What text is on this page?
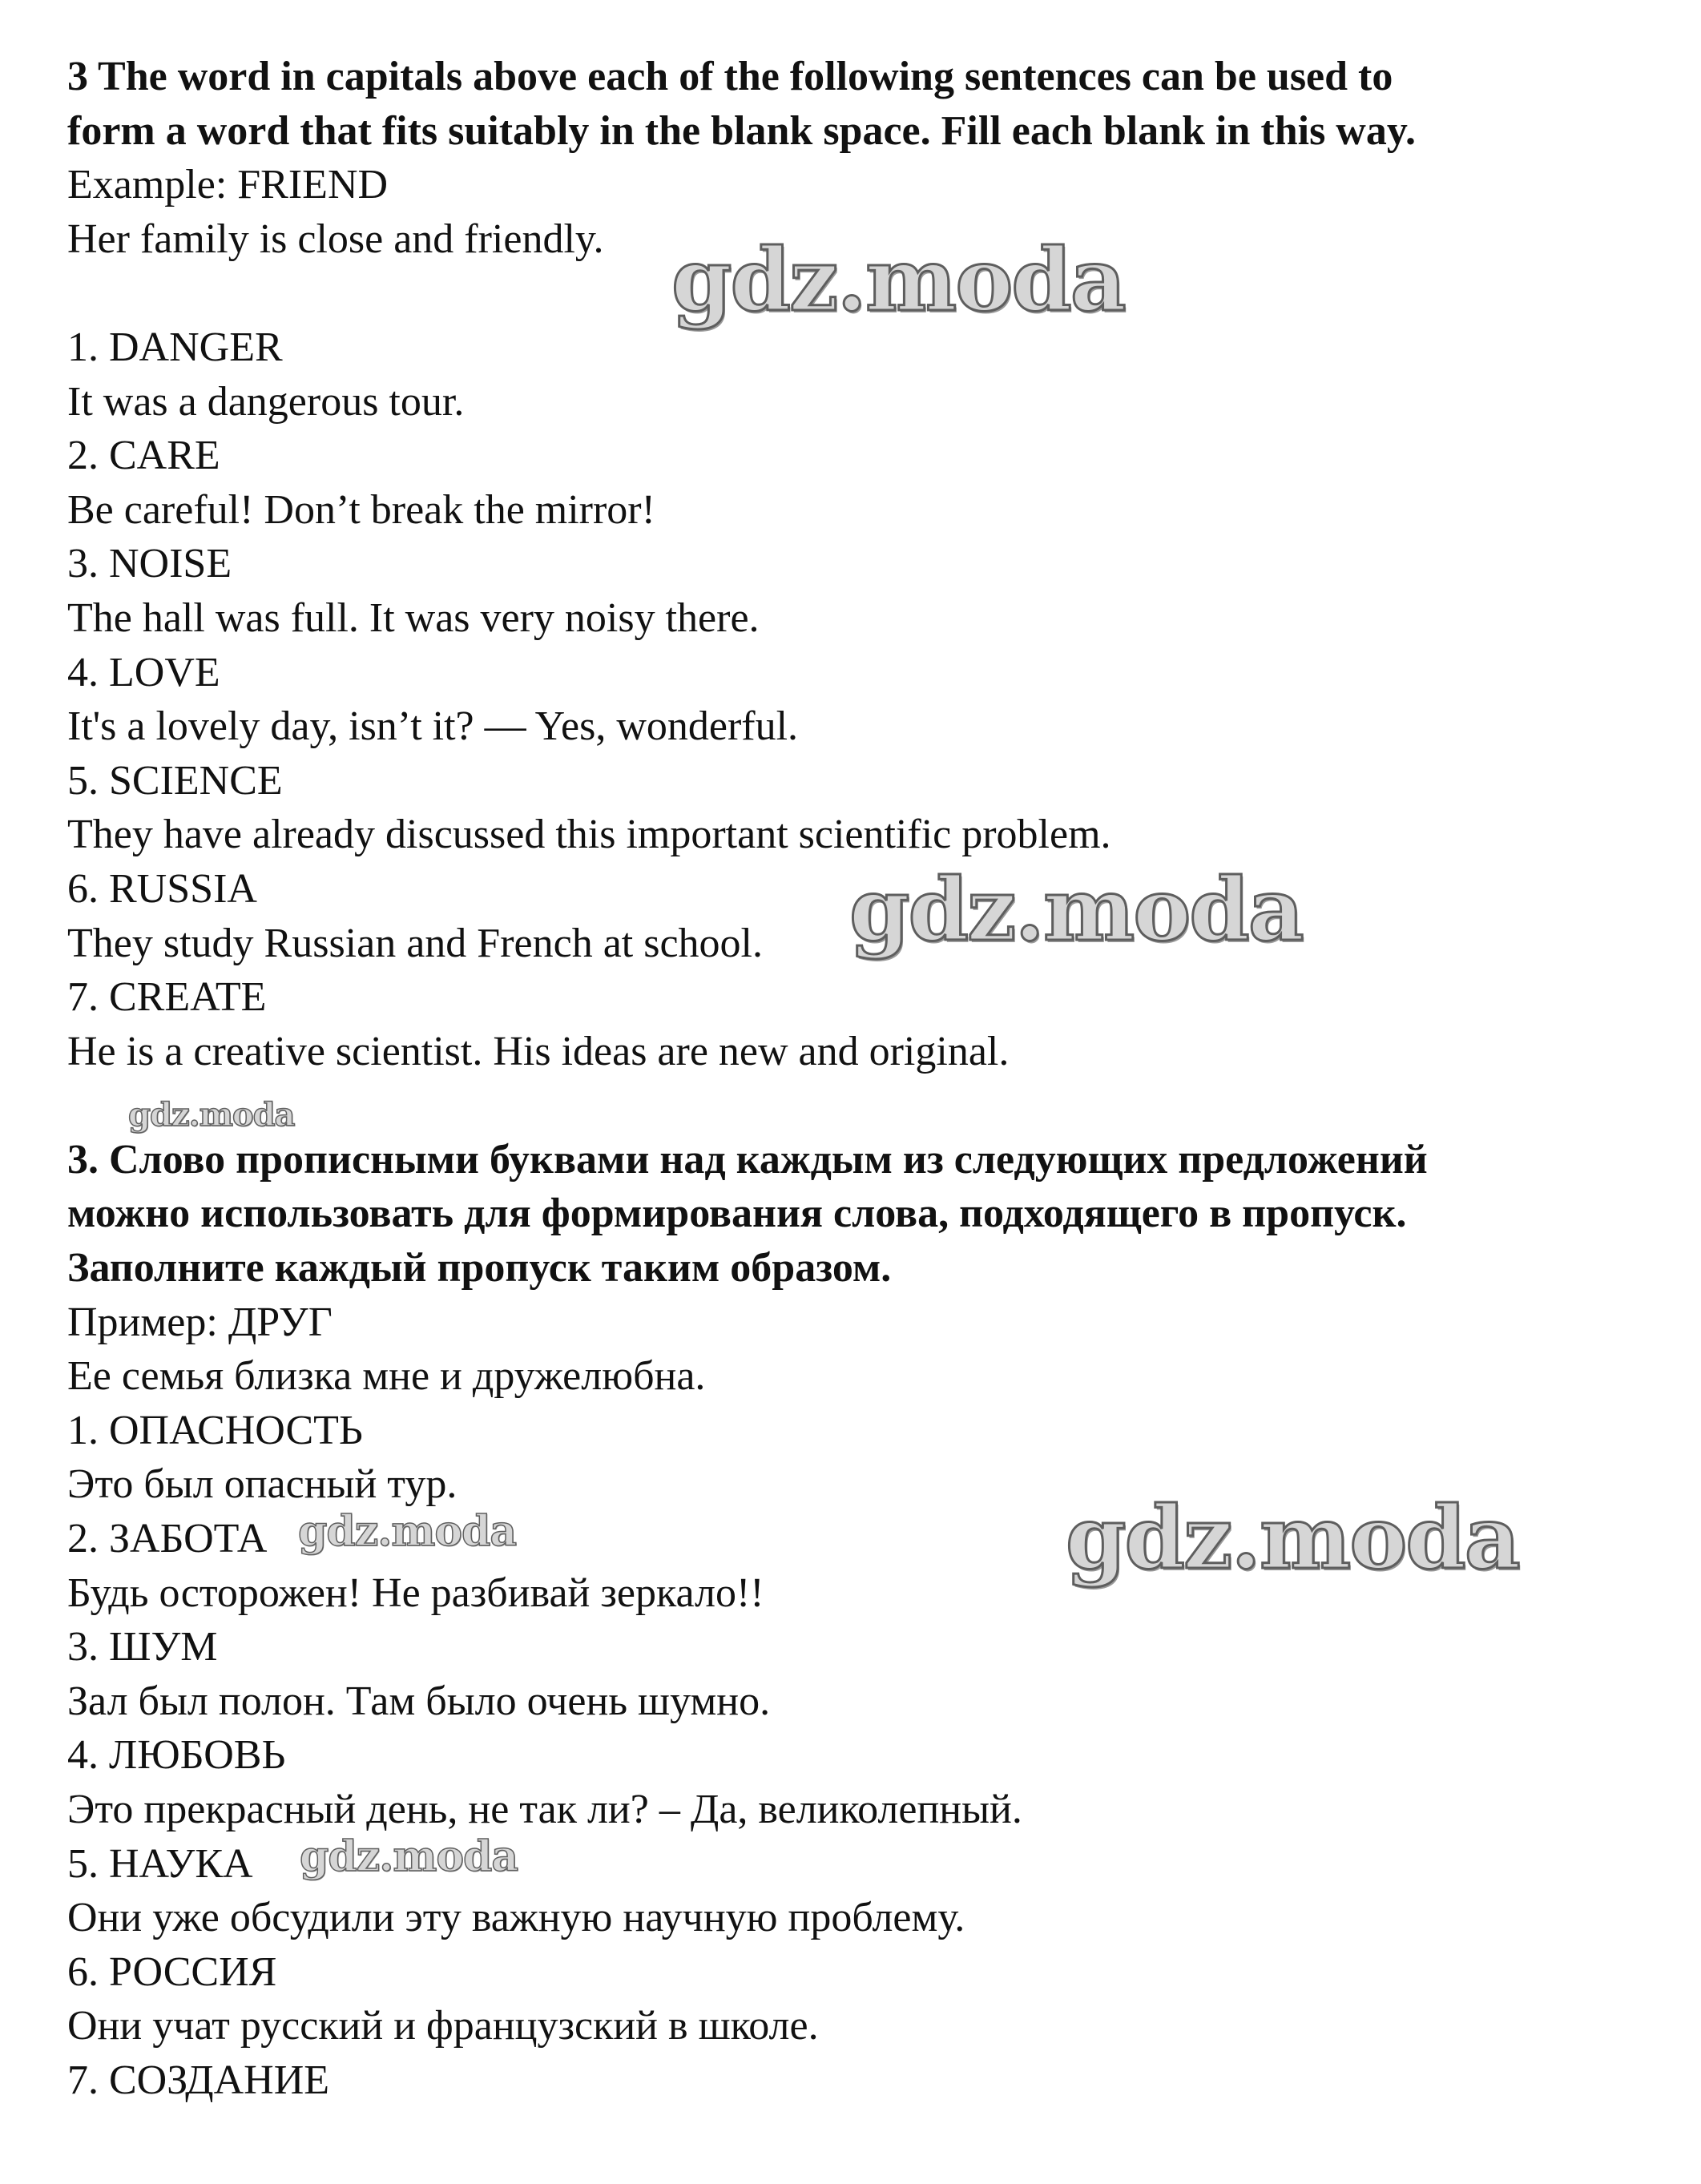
3 The word in capitals above each of the following sentences can be used to

form a word that fits suitably in the blank space. Fill each blank in this way.

Example: FRIEND

Her family is close and friendly.

1. DANGER

It was a dangerous tour.

2. CARE

Be careful! Don’t break the mirror!

3. NOISE

The hall was full. It was very noisy there.

4. LOVE

It's a lovely day, isn’t it? — Yes, wonderful.

5. SCIENCE

They have already discussed this important scientific problem.

6. RUSSIA

They study Russian and French at school.

7. CREATE

He is a creative scientist. His ideas are new and original.

3. Слово прописными буквами над каждым из следующих предложений

можно использовать для формирования слова, подходящего в пропуск.

Заполните каждый пропуск таким образом.

Пример: ДРУГ

Ее семья близка мне и дружелюбна.

1. ОПАСНОСТЬ

Это был опасный тур.

2. ЗАБОТА

Будь осторожен! Не разбивай зеркало!!

3. ШУМ

Зал был полон. Там было очень шумно.

4. ЛЮБОВЬ

Это прекрасный день, не так ли? – Да, великолепный.

5. НАУКА

Они уже обсудили эту важную научную проблему.

6. РОССИЯ

Они учат русский и французский в школе.

7. СОЗДАНИЕ

gdz.moda
gdz.moda
gdz.moda
gdz.moda	gdz.moda
gdz.moda
